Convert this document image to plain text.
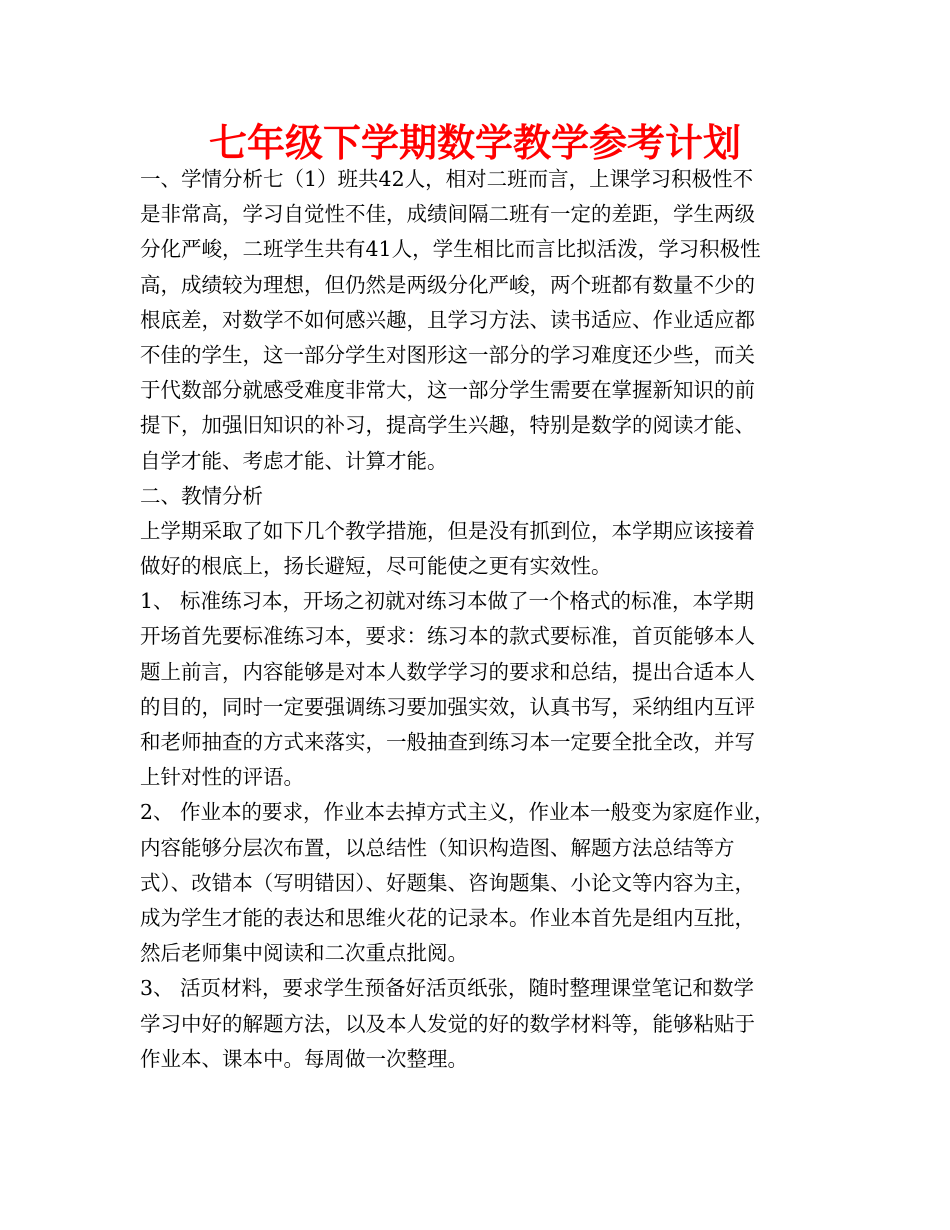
七年级下学期数学教学参考计划
一、学情分析七（1）班共42人，相对二班而言，上课学习积极性不
是非常高，学习自觉性不佳，成绩间隔二班有一定的差距，学生两级
分化严峻，二班学生共有41人，学生相比而言比拟活泼，学习积极性
高，成绩较为理想，但仍然是两级分化严峻，两个班都有数量不少的
根底差，对数学不如何感兴趣，且学习方法、读书适应、作业适应都
不佳的学生，这一部分学生对图形这一部分的学习难度还少些，而关
于代数部分就感受难度非常大，这一部分学生需要在掌握新知识的前
提下，加强旧知识的补习，提高学生兴趣，特别是数学的阅读才能、
自学才能、考虑才能、计算才能。
二、教情分析
上学期采取了如下几个教学措施，但是没有抓到位，本学期应该接着
做好的根底上，扬长避短，尽可能使之更有实效性。
1、 标准练习本，开场之初就对练习本做了一个格式的标准，本学期
开场首先要标准练习本，要求：练习本的款式要标准，首页能够本人
题上前言，内容能够是对本人数学学习的要求和总结，提出合适本人
的目的，同时一定要强调练习要加强实效，认真书写，采纳组内互评
和老师抽查的方式来落实，一般抽查到练习本一定要全批全改，并写
上针对性的评语。
2、 作业本的要求，作业本去掉方式主义，作业本一般变为家庭作业，
内容能够分层次布置，以总结性（知识构造图、解题方法总结等方
式）、改错本（写明错因）、好题集、咨询题集、小论文等内容为主，
成为学生才能的表达和思维火花的记录本。作业本首先是组内互批，
然后老师集中阅读和二次重点批阅。
3、 活页材料，要求学生预备好活页纸张，随时整理课堂笔记和数学
学习中好的解题方法，以及本人发觉的好的数学材料等，能够粘贴于
作业本、课本中。每周做一次整理。
